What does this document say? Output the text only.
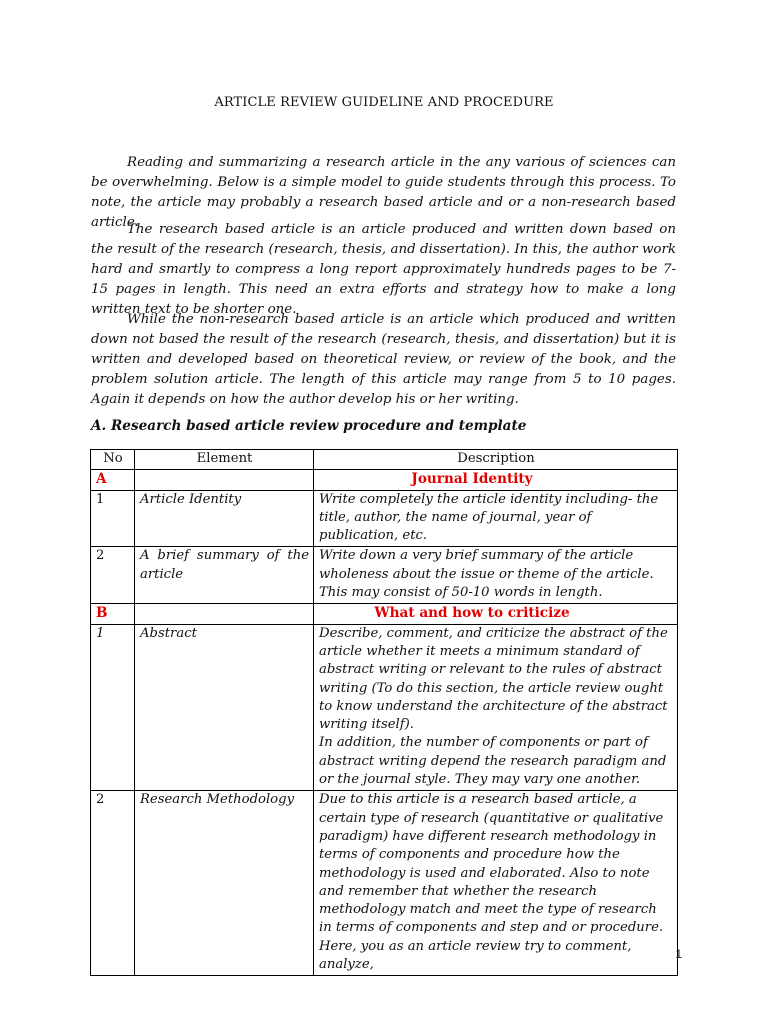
ARTICLE REVIEW GUIDELINE AND PROCEDURE

Reading and summarizing a research article in the any various of sciences can be overwhelming. Below is a simple model to guide students through this process. To note, the article may probably a research based article and or a non-research based article.

The research based article is an article produced and written down based on the result of the research (research, thesis, and dissertation). In this, the author work hard and smartly to compress a long report approximately hundreds pages to be 7- 15 pages in length. This need an extra efforts and strategy how to make a long written text to be shorter one.

While the non-research based article is an article which produced and written down not based the result of the research (research, thesis, and dissertation) but it is written and developed based on theoretical review, or review of the book, and the problem solution article. The length of this article may range from 5 to 10 pages. Again it depends on how the author develop his or her writing.

A. Research based article review procedure and template

No	Element	Description
A		Journal Identity
1	Article Identity	Write completely the article identity including- the title, author, the name of journal, year of publication, etc.
2	A brief summary of the article	Write down a very brief summary of the article wholeness about the issue or theme of the article. This may consist of 50-10 words in length.
B		What and how to criticize
1	Abstract	Describe, comment, and criticize the abstract of the article whether it meets a minimum standard of abstract writing or relevant to the rules of abstract writing (To do this section, the article review ought to know understand the architecture of the abstract writing itself).
In addition, the number of components or part of abstract writing depend the research paradigm and or the journal style. They may vary one another.

2	Research Methodology	Due to this article is a research based article, a certain type of research (quantitative or qualitative paradigm) have different research methodology in terms of components and procedure how the methodology is used and elaborated. Also to note and remember that whether the research methodology match and meet the type of research in terms of components and step and or procedure.
Here, you as an article review try to comment, analyze,
1
